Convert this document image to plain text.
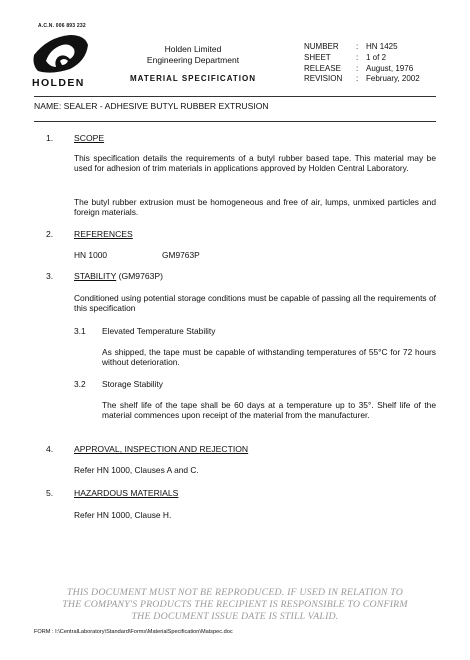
A.C.N. 006 893 232
HOLDEN
Holden Limited
Engineering Department
MATERIAL SPECIFICATION
NUMBER	: HN 1425
SHEET	: 1 of 2
RELEASE	: August, 1976
REVISION	: February, 2002
NAME: SEALER - ADHESIVE BUTYL RUBBER EXTRUSION
1. SCOPE
This specification details the requirements of a butyl rubber based tape. This material may be used for adhesion of trim materials in applications approved by Holden Central Laboratory.
The butyl rubber extrusion must be homogeneous and free of air, lumps, unmixed particles and foreign materials.
2. REFERENCES
HN 1000	GM9763P
3. STABILITY (GM9763P)
Conditioned using potential storage conditions must be capable of passing all the requirements of this specification
3.1 Elevated Temperature Stability
As shipped, the tape must be capable of withstanding temperatures of 55°C for 72 hours without deterioration.
3.2 Storage Stability
The shelf life of the tape shall be 60 days at a temperature up to 35°. Shelf life of the material commences upon receipt of the material from the manufacturer.
4. APPROVAL, INSPECTION AND REJECTION
Refer HN 1000, Clauses A and C.
5. HAZARDOUS MATERIALS
Refer HN 1000, Clause H.
THIS DOCUMENT MUST NOT BE REPRODUCED. IF USED IN RELATION TO
THE COMPANY'S PRODUCTS THE RECIPIENT IS RESPONSIBLE TO CONFIRM
THE DOCUMENT ISSUE DATE IS STILL VALID.
FORM : I:\CentralLaboratory\Standard\Forms\MaterialSpecification\Matspec.doc
